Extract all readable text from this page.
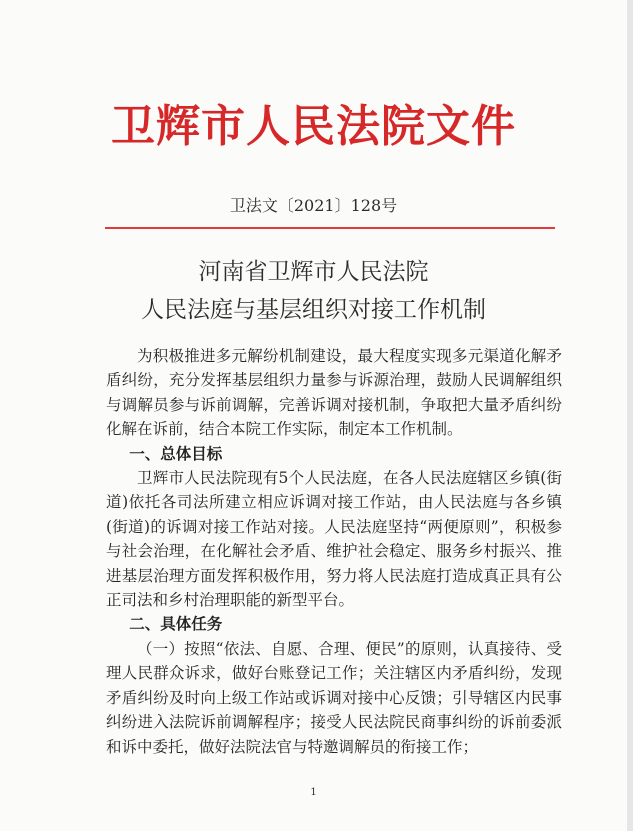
卫辉市人民法院文件
卫法文〔2021〕128号
河南省卫辉市人民法院
人民法庭与基层组织对接工作机制

为积极推进多元解纷机制建设，最大程度实现多元渠道化解矛盾纠纷，充分发挥基层组织力量参与诉源治理，鼓励人民调解组织与调解员参与诉前调解，完善诉调对接机制，争取把大量矛盾纠纷化解在诉前，结合本院工作实际，制定本工作机制。

一、总体目标

卫辉市人民法院现有5个人民法庭，在各人民法庭辖区乡镇(街道)依托各司法所建立相应诉调对接工作站，由人民法庭与各乡镇(街道)的诉调对接工作站对接。人民法庭坚持“两便原则”，积极参与社会治理，在化解社会矛盾、维护社会稳定、服务乡村振兴、推进基层治理方面发挥积极作用，努力将人民法庭打造成真正具有公正司法和乡村治理职能的新型平台。

二、具体任务

（一）按照“依法、自愿、合理、便民”的原则，认真接待、受理人民群众诉求，做好台账登记工作；关注辖区内矛盾纠纷，发现矛盾纠纷及时向上级工作站或诉调对接中心反馈；引导辖区内民事纠纷进入法院诉前调解程序；接受人民法院民商事纠纷的诉前委派和诉中委托，做好法院法官与特邀调解员的衔接工作；

1
